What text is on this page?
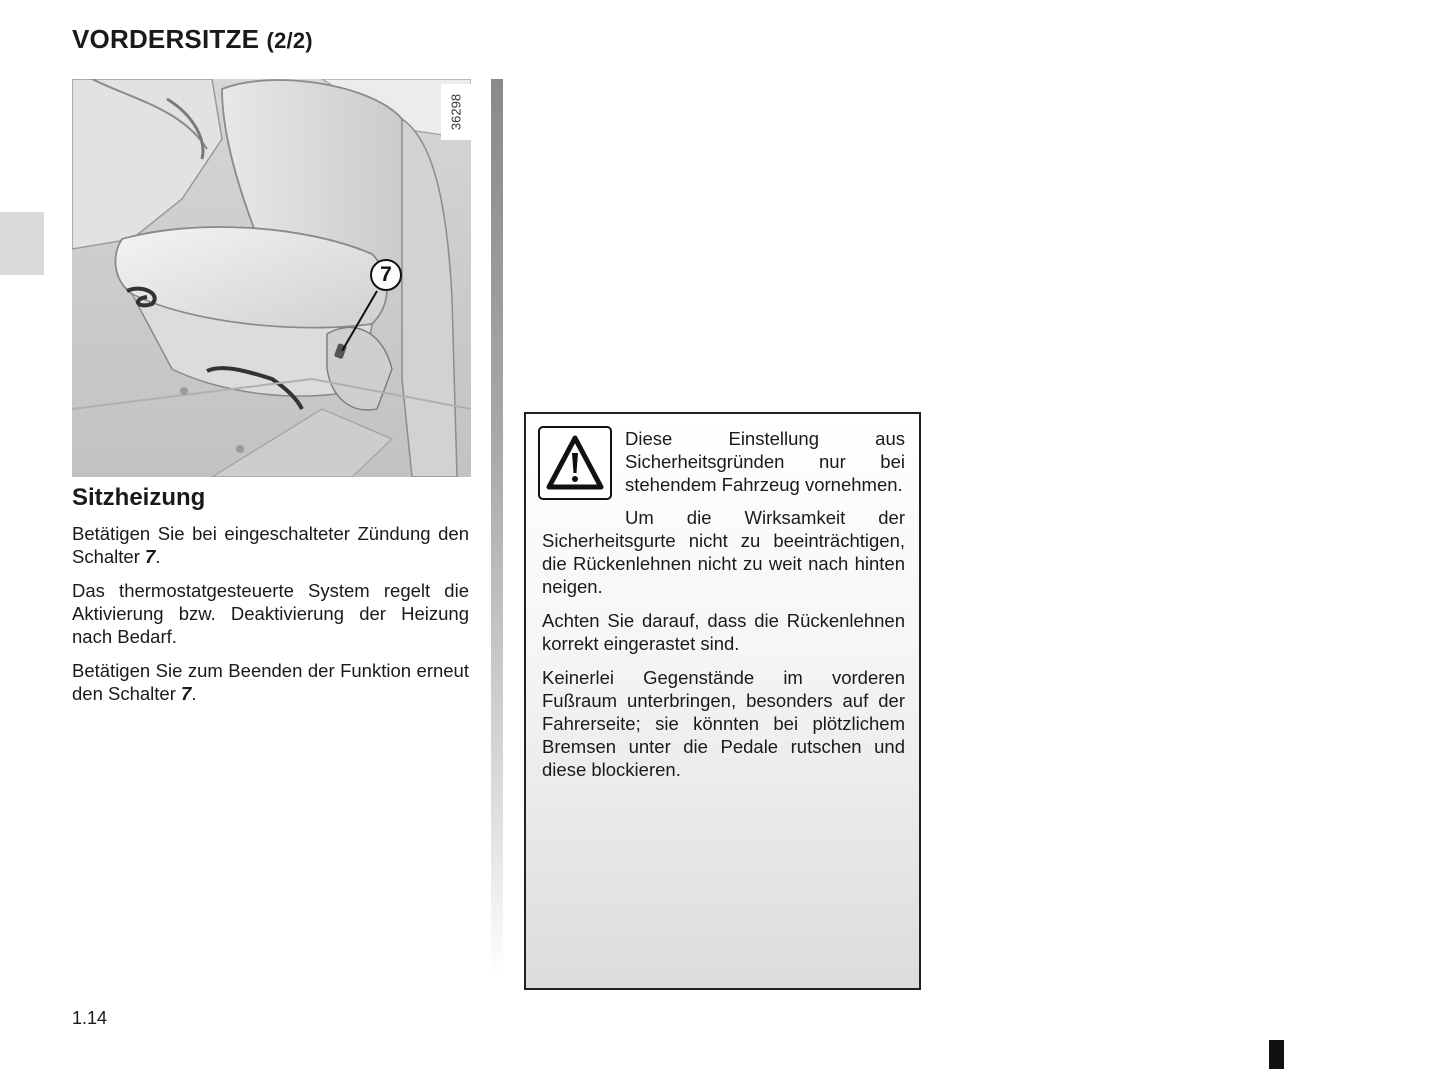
VORDERSITZE (2/2)
7
36298
Sitzheizung

Betätigen Sie bei eingeschalteter Zündung den Schalter 7.

Das thermostatgesteuerte System regelt die Aktivierung bzw. Deaktivierung der Heizung nach Bedarf.

Betätigen Sie zum Beenden der Funktion erneut den Schalter 7.

Diese Einstellung aus Sicherheitsgründen nur bei stehendem Fahrzeug vornehmen.

Um die Wirksamkeit der Sicherheitsgurte nicht zu beeinträchtigen, die Rückenlehnen nicht zu weit nach hinten neigen.

Achten Sie darauf, dass die Rückenlehnen korrekt eingerastet sind.

Keinerlei Gegenstände im vorderen Fußraum unterbringen, besonders auf der Fahrerseite; sie könnten bei plötzlichem Bremsen unter die Pedale rutschen und diese blockieren.

1.14
